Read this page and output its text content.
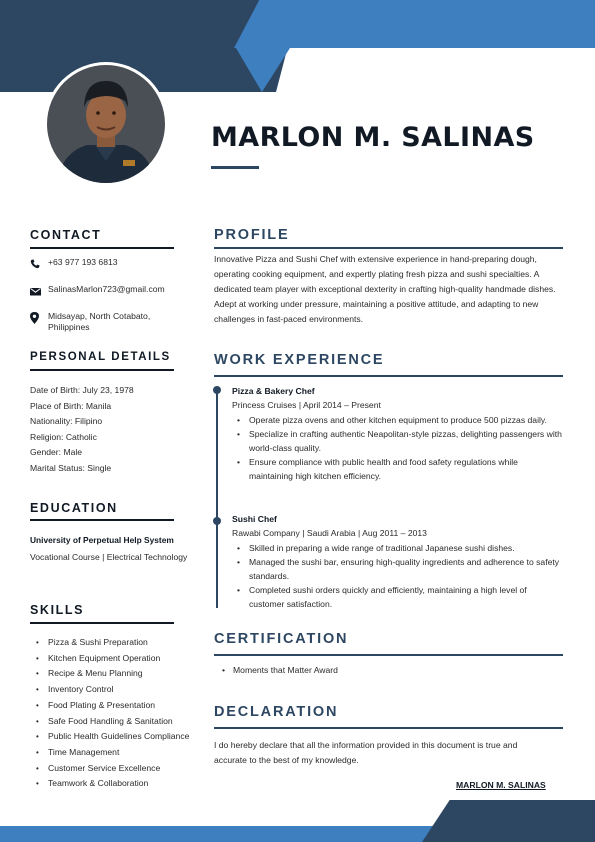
MARLON M. SALINAS
CONTACT
+63 977 193 6813
SalinasMarlon723@gmail.com
Midsayap, North Cotabato, Philippines
PERSONAL DETAILS
Date of Birth: July 23, 1978
Place of Birth: Manila
Nationality: Filipino
Religion: Catholic
Gender: Male
Marital Status: Single
EDUCATION
University of Perpetual Help System
Vocational Course | Electrical Technology
SKILLS
• Pizza & Sushi Preparation
• Kitchen Equipment Operation
• Recipe & Menu Planning
• Inventory Control
• Food Plating & Presentation
• Safe Food Handling & Sanitation
• Public Health Guidelines Compliance
• Time Management
• Customer Service Excellence
• Teamwork & Collaboration
PROFILE
Innovative Pizza and Sushi Chef with extensive experience in hand-preparing dough, operating cooking equipment, and expertly plating fresh pizza and sushi specialties. A dedicated team player with exceptional dexterity in crafting high-quality handmade dishes. Adept at working under pressure, maintaining a positive attitude, and adapting to new challenges in fast-paced environments.
WORK EXPERIENCE
Pizza & Bakery Chef
Princess Cruises | April 2014 – Present
• Operate pizza ovens and other kitchen equipment to produce 500 pizzas daily.
• Specialize in crafting authentic Neapolitan-style pizzas, delighting passengers with world-class quality.
• Ensure compliance with public health and food safety regulations while maintaining high kitchen efficiency.
Sushi Chef
Rawabi Company | Saudi Arabia | Aug 2011 – 2013
• Skilled in preparing a wide range of traditional Japanese sushi dishes.
• Managed the sushi bar, ensuring high-quality ingredients and adherence to safety standards.
• Completed sushi orders quickly and efficiently, maintaining a high level of customer satisfaction.
CERTIFICATION
• Moments that Matter Award
DECLARATION
I do hereby declare that all the information provided in this document is true and accurate to the best of my knowledge.
MARLON M. SALINAS
